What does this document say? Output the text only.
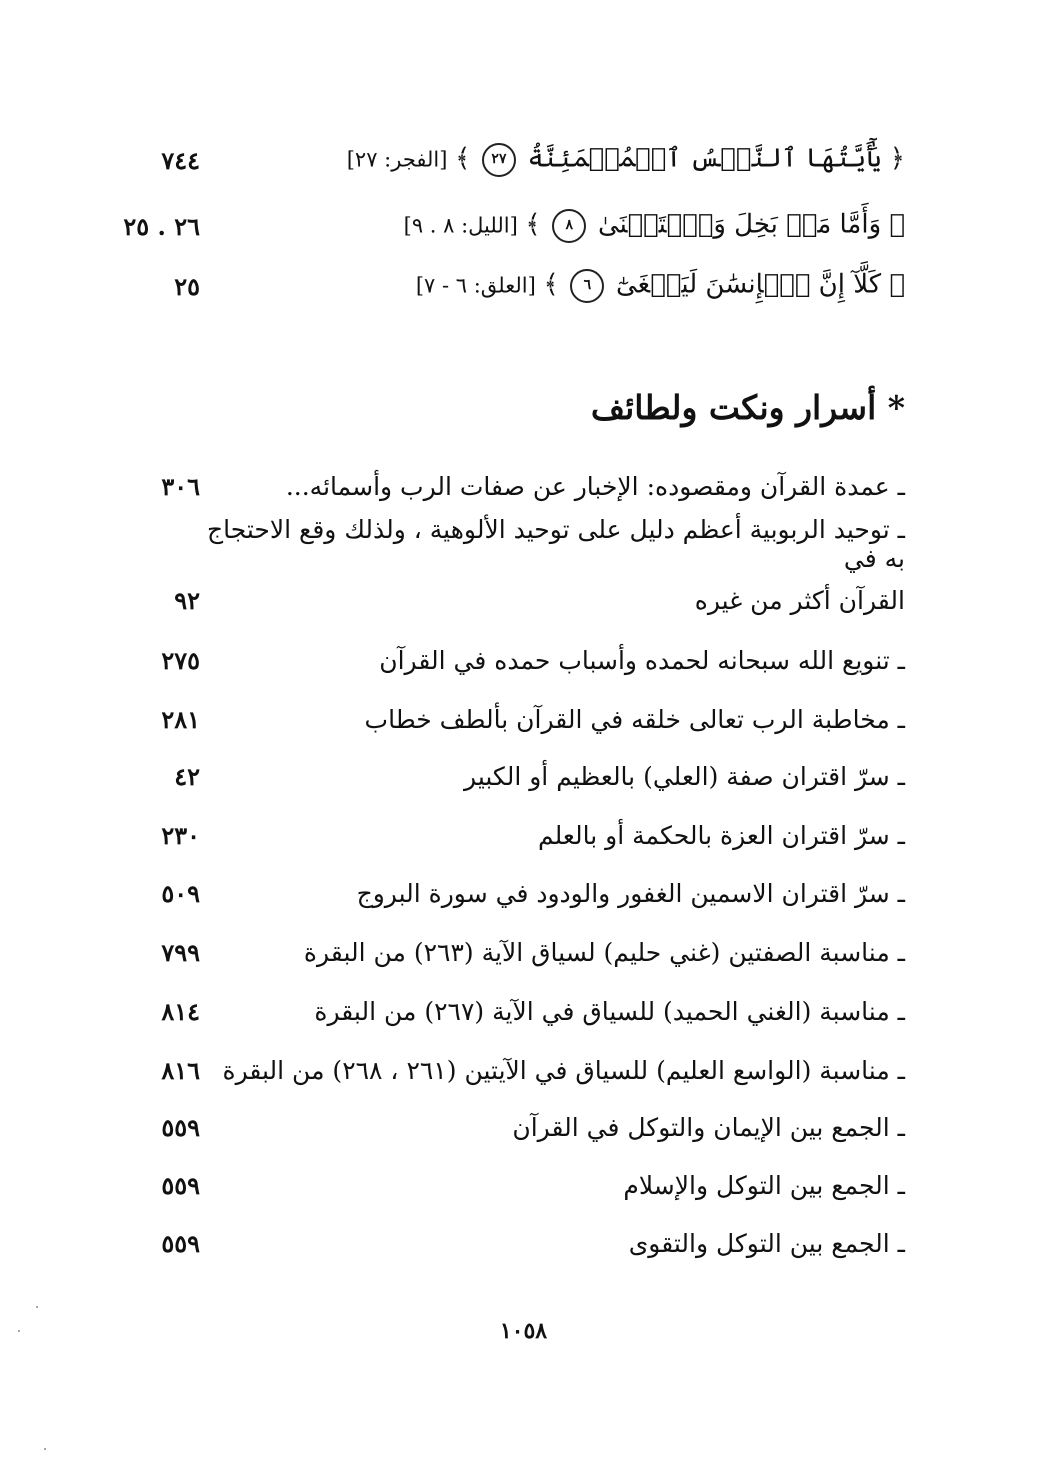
﴿ يَٰٓأَيَّتُهَا ٱلنَّفۡسُ ٱلۡمُطۡمَئِنَّةُ ٢٧ ﴾ [الفجر: ٢٧]
٧٤٤
﴿ وَأَمَّا مَنۢ بَخِلَ وَٱسۡتَغۡنَىٰ ٨ ﴾ [الليل: ٨ . ٩]
٢٦ . ٢٥
﴿ كَلَّآ إِنَّ ٱلۡإِنسَٰنَ لَيَطۡغَىٰٓ ٦ ﴾ [العلق: ٦ - ٧]
٢٥
* أسرار ونكت ولطائف
ـ عمدة القرآن ومقصوده: الإخبار عن صفات الرب وأسمائه...
٣٠٦
ـ توحيد الربوبية أعظم دليل على توحيد الألوهية ، ولذلك وقع الاحتجاج به في
القرآن أكثر من غيره
٩٢
ـ تنويع الله سبحانه لحمده وأسباب حمده في القرآن
٢٧٥
ـ مخاطبة الرب تعالى خلقه في القرآن بألطف خطاب
٢٨١
ـ سرّ اقتران صفة (العلي) بالعظيم أو الكبير
٤٢
ـ سرّ اقتران العزة بالحكمة أو بالعلم
٢٣٠
ـ سرّ اقتران الاسمين الغفور والودود في سورة البروج
٥٠٩
ـ مناسبة الصفتين (غني حليم) لسياق الآية (٢٦٣) من البقرة
٧٩٩
ـ مناسبة (الغني الحميد) للسياق في الآية (٢٦٧) من البقرة
٨١٤
ـ مناسبة (الواسع العليم) للسياق في الآيتين (٢٦١ ، ٢٦٨) من البقرة
٨١٦
ـ الجمع بين الإيمان والتوكل في القرآن
٥٥٩
ـ الجمع بين التوكل والإسلام
٥٥٩
ـ الجمع بين التوكل والتقوى
٥٥٩
١٠٥٨
